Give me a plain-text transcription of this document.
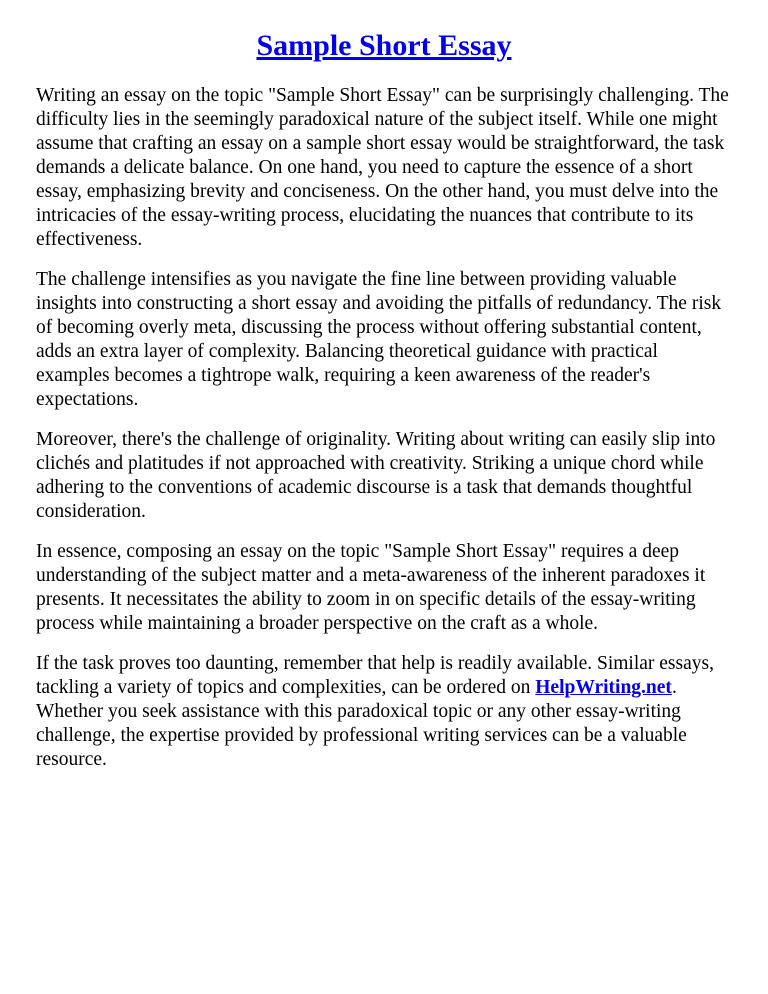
Sample Short Essay

Writing an essay on the topic "Sample Short Essay" can be surprisingly challenging. The difficulty lies in the seemingly paradoxical nature of the subject itself. While one might assume that crafting an essay on a sample short essay would be straightforward, the task demands a delicate balance. On one hand, you need to capture the essence of a short essay, emphasizing brevity and conciseness. On the other hand, you must delve into the intricacies of the essay-writing process, elucidating the nuances that contribute to its effectiveness.

The challenge intensifies as you navigate the fine line between providing valuable insights into constructing a short essay and avoiding the pitfalls of redundancy. The risk of becoming overly meta, discussing the process without offering substantial content, adds an extra layer of complexity. Balancing theoretical guidance with practical examples becomes a tightrope walk, requiring a keen awareness of the reader's expectations.

Moreover, there's the challenge of originality. Writing about writing can easily slip into clichés and platitudes if not approached with creativity. Striking a unique chord while adhering to the conventions of academic discourse is a task that demands thoughtful consideration.

In essence, composing an essay on the topic "Sample Short Essay" requires a deep understanding of the subject matter and a meta-awareness of the inherent paradoxes it presents. It necessitates the ability to zoom in on specific details of the essay-writing process while maintaining a broader perspective on the craft as a whole.

If the task proves too daunting, remember that help is readily available. Similar essays, tackling a variety of topics and complexities, can be ordered on HelpWriting.net. Whether you seek assistance with this paradoxical topic or any other essay-writing challenge, the expertise provided by professional writing services can be a valuable resource.
